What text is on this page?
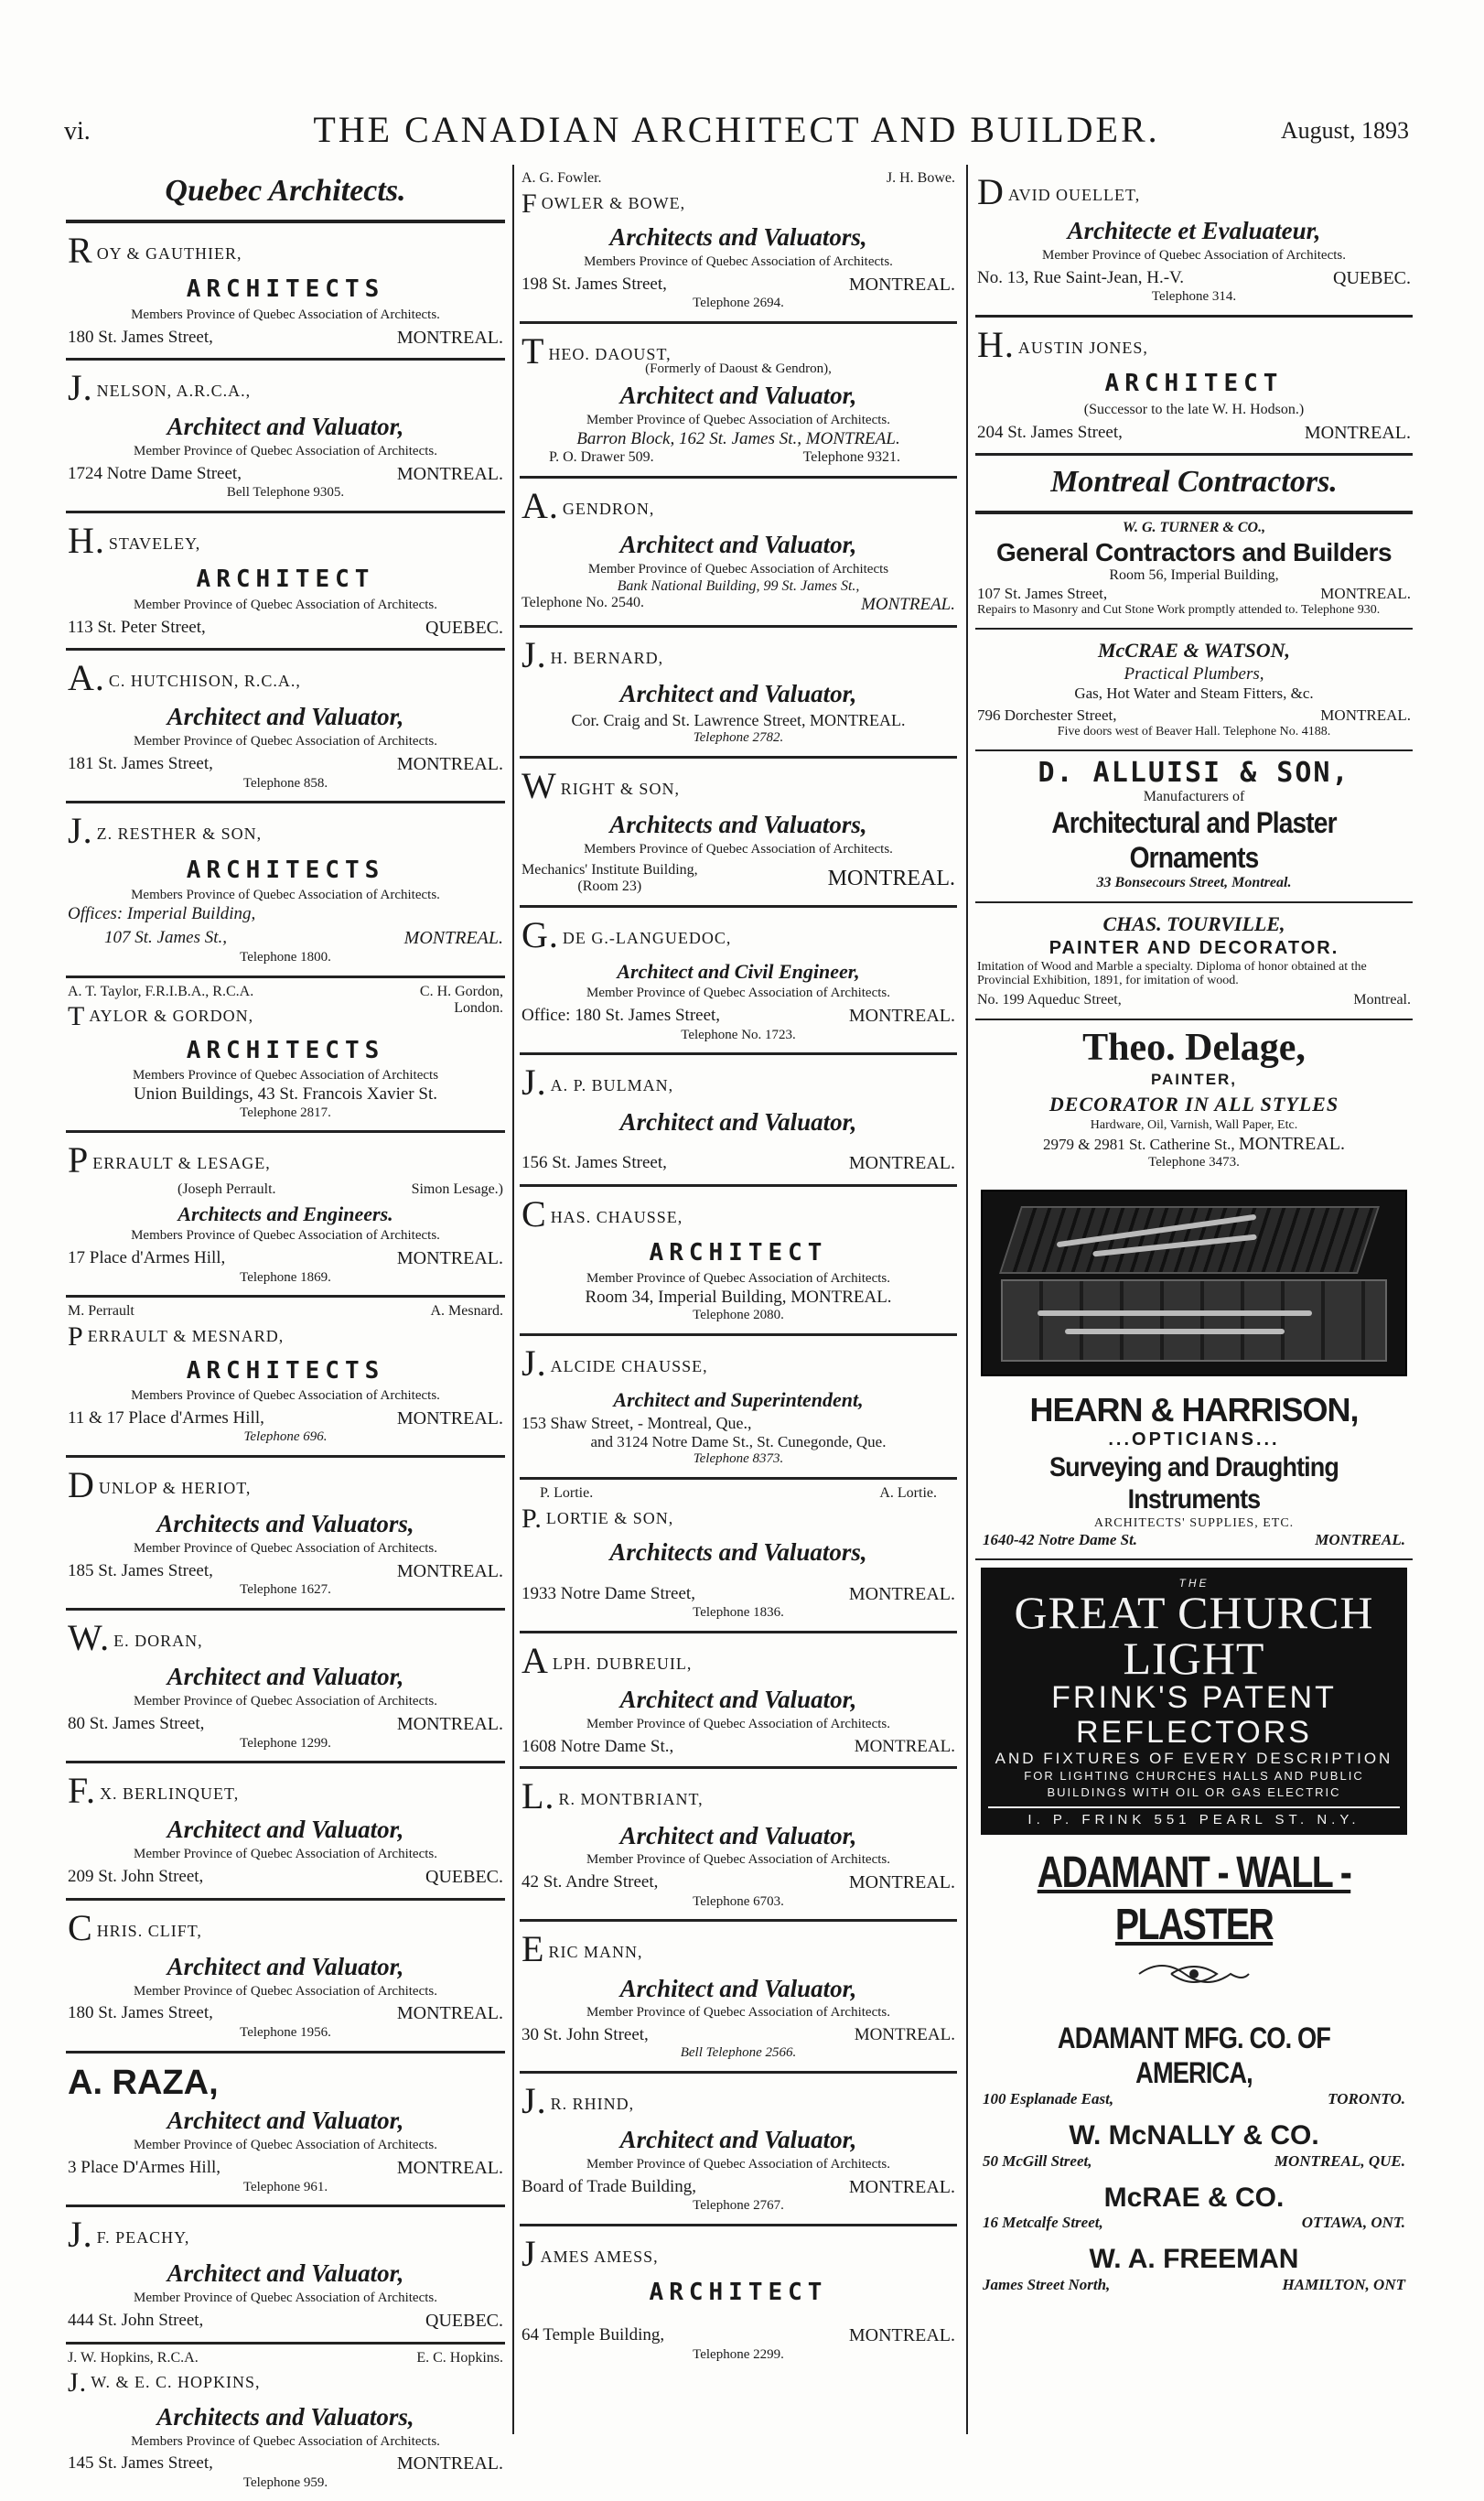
vi.	THE CANADIAN ARCHITECT AND BUILDER.	August, 1893
Quebec Architects.
ROY & GAUTHIER,
ARCHITECTS
Members Province of Quebec Association of Architects.
180 St. James Street,	MONTREAL.
J. NELSON, A.R.C.A.,
Architect and Valuator,
Member Province of Quebec Association of Architects.
1724 Notre Dame Street,	MONTREAL.
Bell Telephone 9305.
H. STAVELEY,
ARCHITECT
Member Province of Quebec Association of Architects.
113 St. Peter Street,	QUEBEC.
A. C. HUTCHISON, R.C.A.,
Architect and Valuator,
Member Province of Quebec Association of Architects.
181 St. James Street,	MONTREAL.
Telephone 858.
J. Z. RESTHER & SON,
ARCHITECTS
Members Province of Quebec Association of Architects.
Offices: Imperial Building,
107 St. James St.,	MONTREAL.
Telephone 1800.
A. T. Taylor, F.R.I.B.A., R.C.A.	C. H. Gordon,
TAYLOR & GORDON,	London.
ARCHITECTS
Members Province of Quebec Association of Architects
Union Buildings, 43 St. Francois Xavier St.
Telephone 2817.
PERRAULT & LESAGE,
(Joseph Perrault.	Simon Lesage.)
Architects and Engineers.
Members Province of Quebec Association of Architects.
17 Place d'Armes Hill,	MONTREAL.
Telephone 1869.
M. Perrault	A. Mesnard.
PERRAULT & MESNARD,
ARCHITECTS
Members Province of Quebec Association of Architects.
11 & 17 Place d'Armes Hill,	MONTREAL.
Telephone 696.
DUNLOP & HERIOT,
Architects and Valuators,
Member Province of Quebec Association of Architects.
185 St. James Street,	MONTREAL.
Telephone 1627.
W. E. DORAN,
Architect and Valuator,
Member Province of Quebec Association of Architects.
80 St. James Street,	MONTREAL.
Telephone 1299.
F. X. BERLINQUET,
Architect and Valuator,
Member Province of Quebec Association of Architects.
209 St. John Street,	QUEBEC.
CHRIS. CLIFT,
Architect and Valuator,
Member Province of Quebec Association of Architects.
180 St. James Street,	MONTREAL.
Telephone 1956.
A. RAZA,
Architect and Valuator,
Member Province of Quebec Association of Architects.
3 Place D'Armes Hill,	MONTREAL.
Telephone 961.
J. F. PEACHY,
Architect and Valuator,
Member Province of Quebec Association of Architects.
444 St. John Street,	QUEBEC.
J. W. Hopkins, R.C.A.	E. C. Hopkins.
J. W. & E. C. HOPKINS,
Architects and Valuators,
Members Province of Quebec Association of Architects.
145 St. James Street,	MONTREAL.
Telephone 959.
A. G. Fowler.	J. H. Bowe.
FOWLER & BOWE,
Architects and Valuators,
Members Province of Quebec Association of Architects.
198 St. James Street,	MONTREAL.
Telephone 2694.
THEO. DAOUST,
(Formerly of Daoust & Gendron),
Architect and Valuator,
Member Province of Quebec Association of Architects.
Barron Block, 162 St. James St., MONTREAL.
P. O. Drawer 509.	Telephone 9321.
A. GENDRON,
Architect and Valuator,
Member Province of Quebec Association of Architects
Bank National Building, 99 St. James St.,
Telephone No. 2540.	MONTREAL.
J. H. BERNARD,
Architect and Valuator,
Cor. Craig and St. Lawrence Street, MONTREAL.
Telephone 2782.
WRIGHT & SON,
Architects and Valuators,
Members Province of Quebec Association of Architects.
Mechanics' Institute Building,
(Room 23)	MONTREAL.
G. DE G.-LANGUEDOC,
Architect and Civil Engineer,
Member Province of Quebec Association of Architects.
Office: 180 St. James Street,	MONTREAL.
Telephone No. 1723.
J. A. P. BULMAN,
Architect and Valuator,
156 St. James Street,	MONTREAL.
CHAS. CHAUSSE,
ARCHITECT
Member Province of Quebec Association of Architects.
Room 34, Imperial Building, MONTREAL.
Telephone 2080.
J. ALCIDE CHAUSSE,
Architect and Superintendent,
153 Shaw Street, - Montreal, Que.,
and 3124 Notre Dame St., St. Cunegonde, Que.
Telephone 8373.
P. Lortie.	A. Lortie.
P. LORTIE & SON,
Architects and Valuators,
1933 Notre Dame Street,	MONTREAL.
Telephone 1836.
ALPH. DUBREUIL,
Architect and Valuator,
Member Province of Quebec Association of Architects.
1608 Notre Dame St.,	MONTREAL.
L. R. MONTBRIANT,
Architect and Valuator,
Member Province of Quebec Association of Architects.
42 St. Andre Street,	MONTREAL.
Telephone 6703.
ERIC MANN,
Architect and Valuator,
Member Province of Quebec Association of Architects.
30 St. John Street,	MONTREAL.
Bell Telephone 2566.
J. R. RHIND,
Architect and Valuator,
Member Province of Quebec Association of Architects.
Board of Trade Building,	MONTREAL.
Telephone 2767.
JAMES AMESS,
ARCHITECT
64 Temple Building,	MONTREAL.
Telephone 2299.
DAVID OUELLET,
Architecte et Evaluateur,
Member Province of Quebec Association of Architects.
No. 13, Rue Saint-Jean, H.-V.	QUEBEC.
Telephone 314.
H. AUSTIN JONES,
ARCHITECT
(Successor to the late W. H. Hodson.)
204 St. James Street,	MONTREAL.
Montreal Contractors.
W. G. TURNER & CO.,
General Contractors and Builders
Room 56, Imperial Building,
107 St. James Street,	MONTREAL.
Repairs to Masonry and Cut Stone Work promptly attended to. Telephone 930.
McCRAE & WATSON,
Practical Plumbers,
Gas, Hot Water and Steam Fitters, &c.
796 Dorchester Street,	MONTREAL.
Five doors west of Beaver Hall. Telephone No. 4188.
D. ALLUISI & SON,
Manufacturers of
Architectural and Plaster Ornaments
33 Bonsecours Street, Montreal.
CHAS. TOURVILLE,
PAINTER AND DECORATOR.
Imitation of Wood and Marble a specialty. Diploma of honor obtained at the Provincial Exhibition, 1891, for imitation of wood.
No. 199 Aqueduc Street,	Montreal.
Theo. Delage,
PAINTER,
DECORATOR IN ALL STYLES
Hardware, Oil, Varnish, Wall Paper, Etc.
2979 & 2981 St. Catherine St., MONTREAL.
Telephone 3473.
HEARN & HARRISON,
...OPTICIANS...
Surveying and Draughting Instruments
ARCHITECTS' SUPPLIES, ETC.
1640-42 Notre Dame St.	MONTREAL.
THE
GREAT CHURCH LIGHT
FRINK'S PATENT REFLECTORS
AND FIXTURES OF EVERY DESCRIPTION
FOR LIGHTING CHURCHES HALLS AND PUBLIC BUILDINGS WITH OIL OR GAS ELECTRIC
I. P. FRINK 551 PEARL ST. N.Y.
ADAMANT - WALL - PLASTER
ADAMANT MFG. CO. OF AMERICA,
100 Esplanade East,	TORONTO.
W. McNALLY & CO.
50 McGill Street,	MONTREAL, QUE.
McRAE & CO.
16 Metcalfe Street,	OTTAWA, ONT.
W. A. FREEMAN
James Street North,	HAMILTON, ONT
